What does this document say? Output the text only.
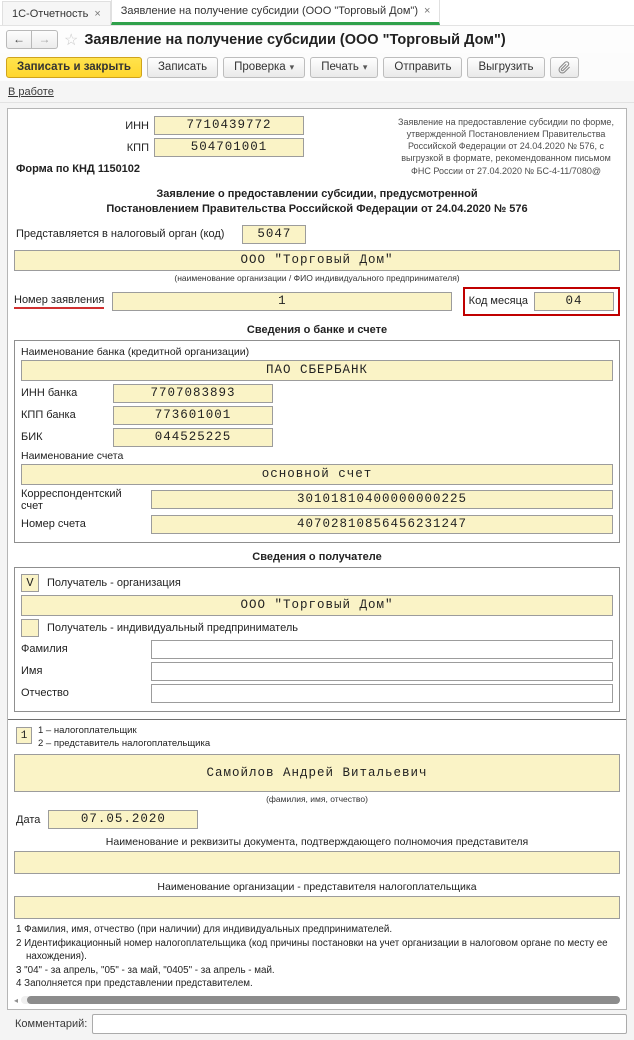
1С-Отчетность × Заявление на получение субсидии (ООО "Торговый Дом") ×
←	→ ☆ Заявление на получение субсидии (ООО "Торговый Дом")
Записать и закрыть	Записать	Проверка ▾ Печать ▾	Отправить	Выгрузить
В работе
ИНН	7710439772
КПП	504701001
Форма по КНД 1150102
Заявление на предоставление субсидии по форме, утвержденной Постановлением Правительства Российской Федерации от 24.04.2020 № 576, с выгрузкой в формате, рекомендованном письмом ФНС России от 27.04.2020 № БС-4-11/7080@
Заявление о предоставлении субсидии, предусмотренной
Постановлением Правительства Российской Федерации от 24.04.2020 № 576
Представляется в налоговый орган (код)	5047
ООО "Торговый Дом"
(наименование организации / ФИО индивидуального предпринимателя)
Номер заявления	1	Код месяца	04
Сведения о банке и счете
Наименование банка (кредитной организации)
ПАО СБЕРБАНК
ИНН банка	7707083893
КПП банка	773601001
БИК	044525225
Наименование счета
основной счет
Корреспондентский счет	30101810400000000225
Номер счета	40702810856456231247
Сведения о получателе
V	Получатель - организация
ООО "Торговый Дом"
Получатель - индивидуальный предприниматель
Фамилия
Имя
Отчество
1	1 – налогоплательщик
2 – представитель налогоплательщика
Самойлов Андрей Витальевич
(фамилия, имя, отчество)
Дата	07.05.2020
Наименование и реквизиты документа, подтверждающего полномочия представителя
Наименование организации - представителя налогоплательщика
1 Фамилия, имя, отчество (при наличии) для индивидуальных предпринимателей.
2 Идентификационный номер налогоплательщика (код причины постановки на учет организации в налоговом органе по месту ее нахождения).
3 "04" - за апрель, "05" - за май, "0405" - за апрель - май.
4 Заполняется при представлении представителем.
◂
Комментарий:
